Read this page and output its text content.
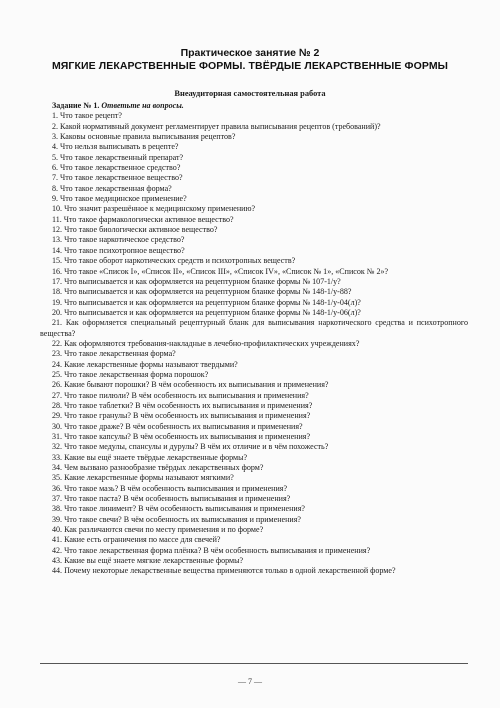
Практическое занятие № 2
МЯГКИЕ ЛЕКАРСТВЕННЫЕ ФОРМЫ. ТВЁРДЫЕ ЛЕКАРСТВЕННЫЕ ФОРМЫ
Внеаудиторная самостоятельная работа
Задание № 1. Ответьте на вопросы.
1. Что такое рецепт?
2. Какой нормативный документ регламентирует правила выписывания рецептов (требований)?
3. Каковы основные правила выписывания рецептов?
4. Что нельзя выписывать в рецепте?
5. Что такое лекарственный препарат?
6. Что такое лекарственное средство?
7. Что такое лекарственное вещество?
8. Что такое лекарственная форма?
9. Что такое медицинское применение?
10. Что значит разрешённое к медицинскому применению?
11. Что такое фармакологически активное вещество?
12. Что такое биологически активное вещество?
13. Что такое наркотическое средство?
14. Что такое психотропное вещество?
15. Что такое оборот наркотических средств и психотропных веществ?
16. Что такое «Список I», «Список II», «Список III», «Список IV», «Список № 1», «Список № 2»?
17. Что выписывается и как оформляется на рецептурном бланке формы № 107-1/у?
18. Что выписывается и как оформляется на рецептурном бланке формы № 148-1/у-88?
19. Что выписывается и как оформляется на рецептурном бланке формы № 148-1/у-04(л)?
20. Что выписывается и как оформляется на рецептурном бланке формы № 148-1/у-06(л)?
21. Как оформляется специальный рецептурный бланк для выписывания наркотического средства и психотропного вещества?
22. Как оформляются требования-накладные в лечебно-профилактических учреждениях?
23. Что такое лекарственная форма?
24. Какие лекарственные формы называют твердыми?
25. Что такое лекарственная форма порошок?
26. Какие бывают порошки? В чём особенность их выписывания и применения?
27. Что такое пилюли? В чём особенность их выписывания и применения?
28. Что такое таблетки? В чём особенность их выписывания и применения?
29. Что такое гранулы? В чём особенность их выписывания и применения?
30. Что такое драже? В чём особенность их выписывания и применения?
31. Что такое капсулы? В чём особенность их выписывания и применения?
32. Что такое медулы, спансулы и дурулы? В чём их отличие и в чём похожесть?
33. Какие вы ещё знаете твёрдые лекарственные формы?
34. Чем вызвано разнообразие твёрдых лекарственных форм?
35. Какие лекарственные формы называют мягкими?
36. Что такое мазь? В чём особенность выписывания и применения?
37. Что такое паста? В чём особенность выписывания и применения?
38. Что такое линимент? В чём особенность выписывания и применения?
39. Что такое свечи? В чём особенность их выписывания и применения?
40. Как различаются свечи по месту применения и по форме?
41. Какие есть ограничения по массе для свечей?
42. Что такое лекарственная форма плёнка? В чём особенность выписывания и применения?
43. Какие вы ещё знаете мягкие лекарственные формы?
44. Почему некоторые лекарственные вещества применяются только в одной лекарственной форме?
— 7 —
